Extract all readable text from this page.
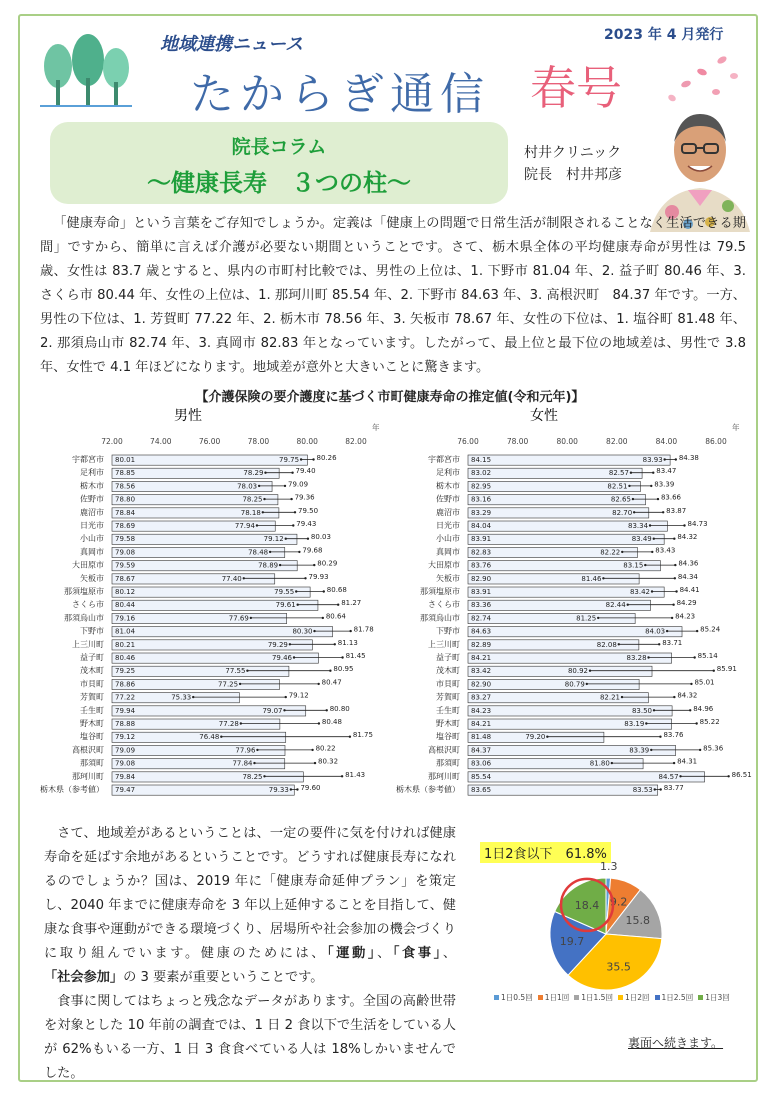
地域連携ニュース	2023 年 4 月発行
たからぎ通信 春号
院長コラム
～健康長寿　３つの柱～
村井クリニック
院長　村井邦彦
「健康寿命」という言葉をご存知でしょうか。定義は「健康上の問題で日常生活が制限されることなく生活できる期間」ですから、簡単に言えば介護が必要ない期間ということです。さて、栃木県全体の平均健康寿命が男性は 79.5 歳、女性は 83.7 歳とすると、県内の市町村比較では、男性の上位は、1. 下野市 81.04 年、2. 益子町 80.46 年、3. さくら市 80.44 年、女性の上位は、1. 那珂川町 85.54 年、2. 下野市 84.63 年、3. 高根沢町　84.37 年です。一方、男性の下位は、1. 芳賀町 77.22 年、2. 栃木市 78.56 年、3. 矢板市 78.67 年、女性の下位は、1. 塩谷町 81.48 年、2. 那須烏山市 82.74 年、3. 真岡市 82.83 年となっています。したがって、最上位と最下位の地域差は、男性で 3.8 年、女性で 4.1 年ほどになります。地域差が意外と大きいことに驚きます。
【介護保険の要介護度に基づく市町健康寿命の推定値(令和元年)】
男性
年
72.00	74.00	76.00	78.00	80.00	82.00
宇都宮市 80.01	79.75 80.26
足利市 78.85	78.29	79.40
栃木市 78.56	78.03	79.09
佐野市 78.80	78.25	79.36
鹿沼市 78.84	78.18	79.50
日光市 78.69	77.94	79.43
小山市 79.58	79.12	80.03
真岡市 79.08	78.48	79.68
大田原市 79.59	78.89	80.29
矢板市 78.67	77.40	79.93
那須塩原市 80.12	79.55	80.68
さくら市 80.44	79.61	81.27
那須烏山市 79.16	77.69	80.64
下野市 81.04	80.30	81.78
上三川町 80.21	79.29	81.13
益子町 80.46	79.46	81.45
茂木町 79.25	77.55	80.95
市貝町 78.86	77.25	80.47
芳賀町 77.22	75.33	79.12
壬生町 79.94	79.07	80.80
野木町 78.88	77.28	80.48
塩谷町 79.12	76.48	81.75
高根沢町 79.09	77.96	80.22
那須町 79.08	77.84	80.32
那珂川町 79.84	78.25	81.43
栃木県（参考値） 79.47	79.33 79.60
女性
年
76.00	78.00	80.00	82.00	84.00	86.00
宇都宮市 84.15	83.93 84.38
足利市 83.02	82.57	83.47
栃木市 82.95	82.51	83.39
佐野市 83.16	82.65	83.66
鹿沼市 83.29	82.70	83.87
日光市 84.04	83.34	84.73
小山市 83.91	83.49	84.32
真岡市 82.83	82.22	83.43
大田原市 83.76	83.15	84.36
矢板市 82.90	81.46	84.34
那須塩原市 83.91	83.42	84.41
さくら市 83.36	82.44	84.29
那須烏山市 82.74	81.25	84.23
下野市 84.63	84.03	85.24
上三川町 82.89	82.08	83.71
益子町 84.21	83.28	85.14
茂木町 83.42	80.92	85.91
市貝町 82.90	80.79	85.01
芳賀町 83.27	82.21	84.32
壬生町 84.23	83.50	84.96
野木町 84.21	83.19	85.22
塩谷町 81.48	79.20	83.76
高根沢町 84.37	83.39	85.36
那須町 83.06	81.80	84.31
那珂川町 85.54	84.57	86.51
栃木県（参考値） 83.65	83.53 83.77
さて、地域差があるということは、一定の要件に気を付ければ健康寿命を延ばす余地があるということです。どうすれば健康長寿になれるのでしょうか？国は、2019 年に「健康寿命延伸プラン」を策定し、2040 年までに健康寿命を 3 年以上延伸することを目指して、健康な食事や運動ができる環境づくり、居場所や社会参加の機会づくりに取り組んでいます。健康のためには、「運動」、「食事」、「社会参加」の 3 要素が重要ということです。
食事に関してはちょっと残念なデータがあります。全国の高齢世帯を対象とした 10 年前の調査では、1 日 2 食以下で生活をしている人が 62%もいる一方、1 日 3 食食べている人は 18%しかいませんでした。
1日2食以下　61.8%
1.3
9.2
15.8
35.5
19.7
18.4
1日0.5回 1日1回 1日1.5回 1日2回 1日2.5回 1日3回
裏面へ続きます。
